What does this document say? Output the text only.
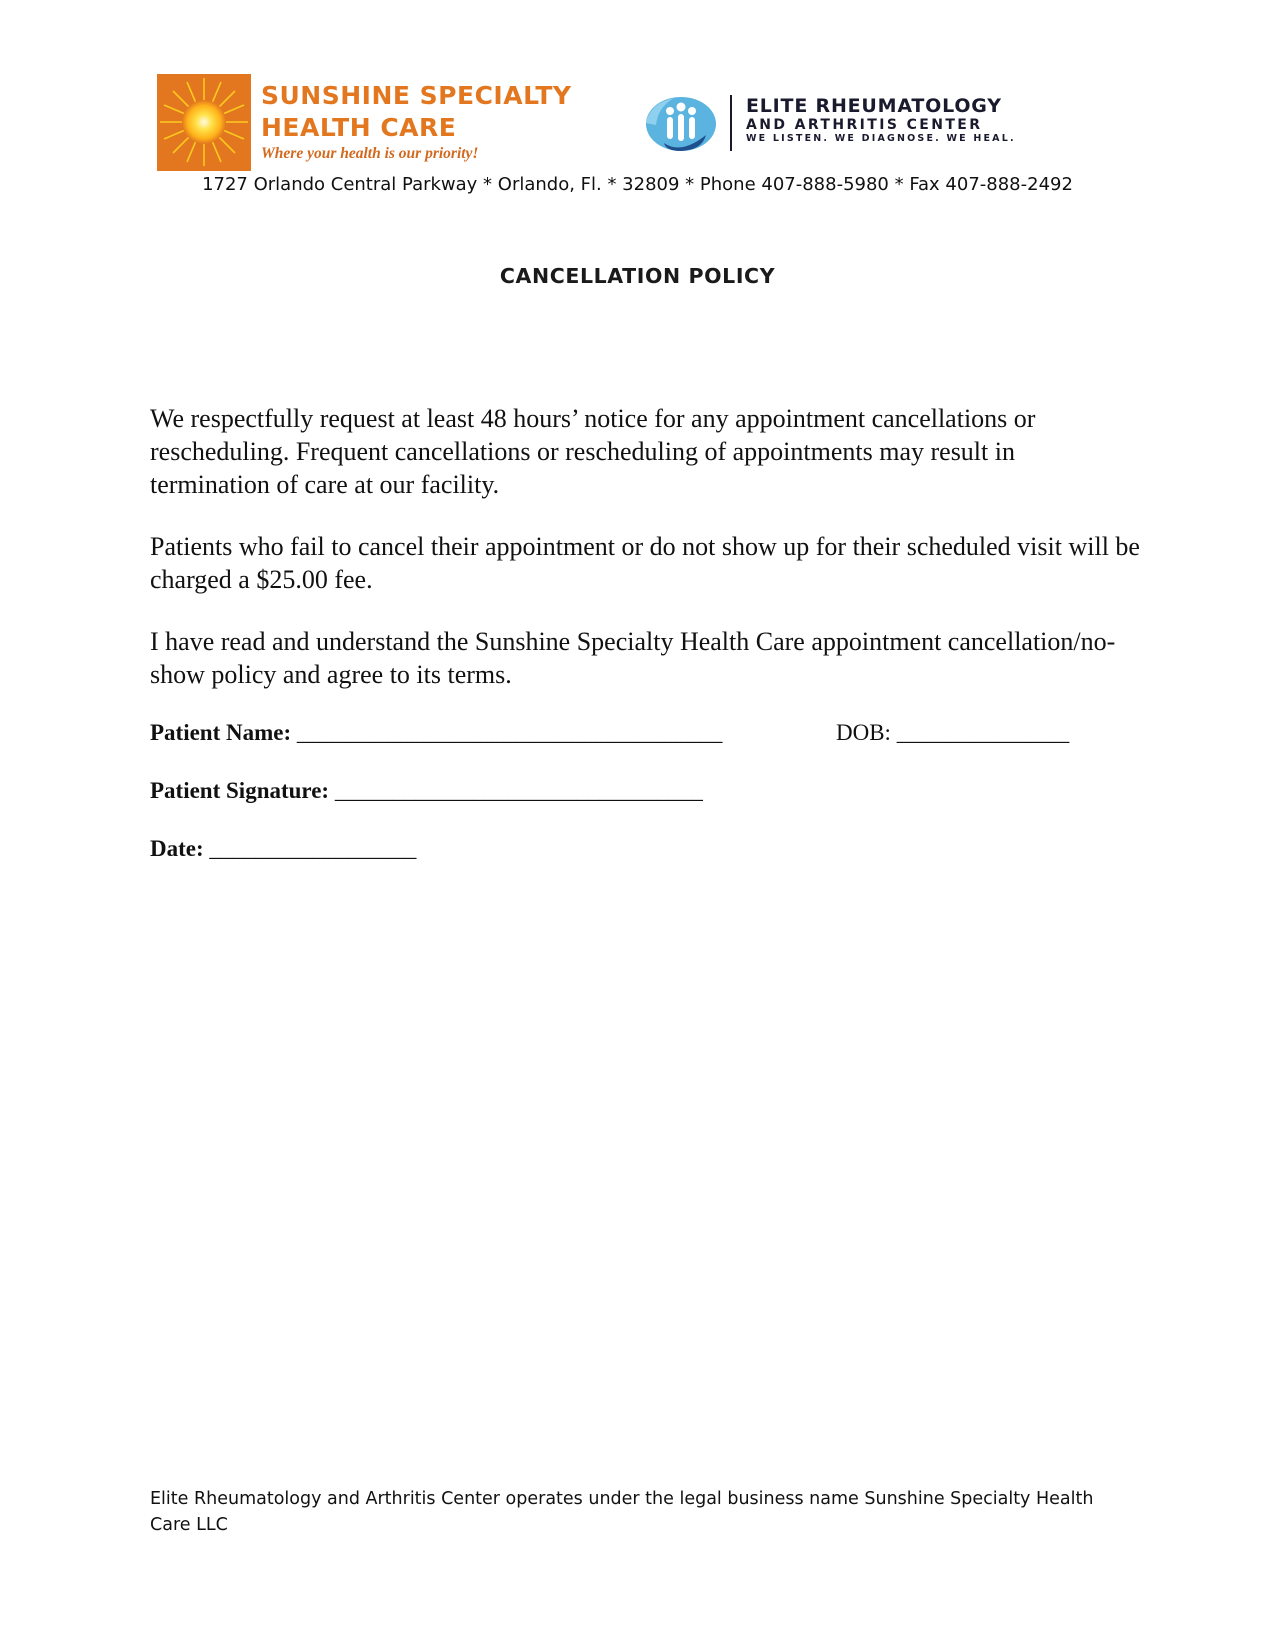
SUNSHINE SPECIALTY
HEALTH CARE
Where your health is our priority!
ELITE RHEUMATOLOGY
AND ARTHRITIS CENTER
WE LISTEN. WE DIAGNOSE. WE HEAL.
1727 Orlando Central Parkway * Orlando, Fl. * 32809 * Phone 407-888-5980 * Fax 407-888-2492
CANCELLATION POLICY

We respectfully request at least 48 hours’ notice for any appointment cancellations or rescheduling. Frequent cancellations or rescheduling of appointments may result in termination of care at our facility.

Patients who fail to cancel their appointment or do not show up for their scheduled visit will be charged a $25.00 fee.

I have read and understand the Sunshine Specialty Health Care appointment cancellation/no-show policy and agree to its terms.

Patient Name: _____________________________________	DOB: _______________
Patient Signature: ________________________________
Date: __________________
Elite Rheumatology and Arthritis Center operates under the legal business name Sunshine Specialty Health Care LLC
